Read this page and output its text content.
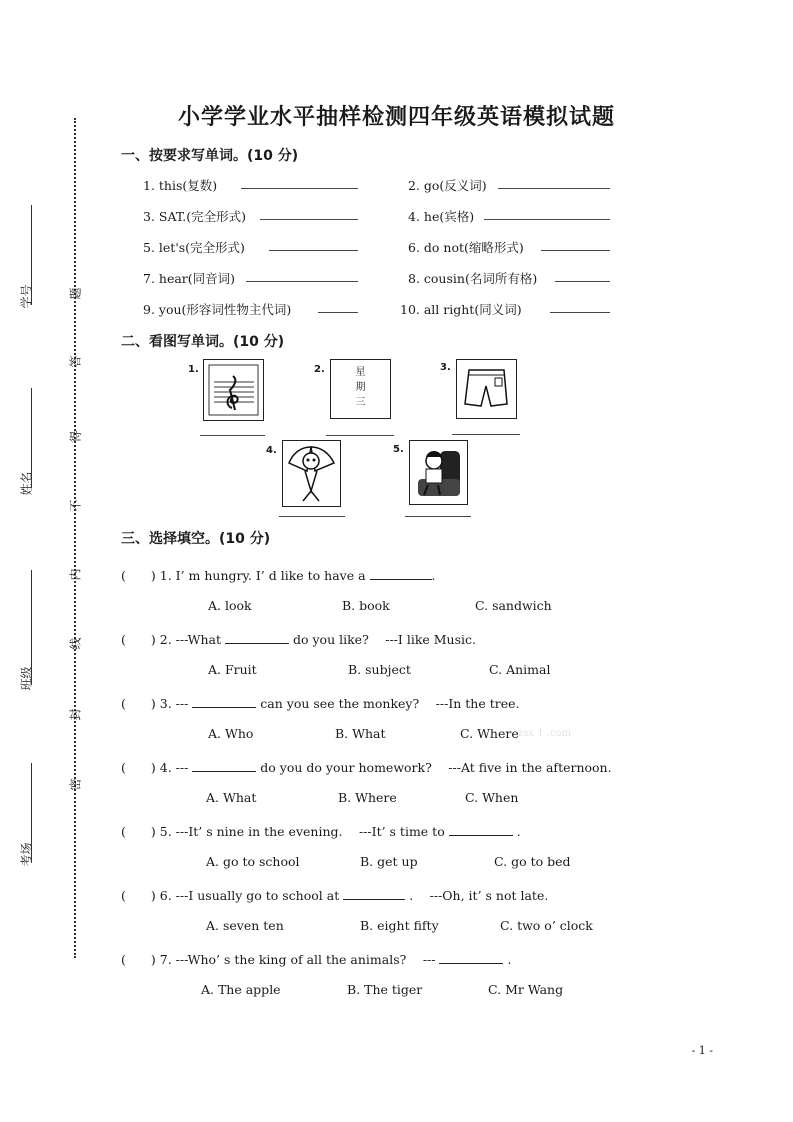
小学学业水平抽样检测四年级英语模拟试题
学号
姓名
班级
考场
题
答
得
不
内
线
封
密
一、按要求写单词。(10 分)
1. this(复数)	2. go(反义词)
3. SAT.(完全形式)	4. he(宾格)
5. let's(完全形式)	6. do not(缩略形式)
7. hear(同音词)	8. cousin(名词所有格)
9. you(形容词性物主代词)	10. all right(同义词)
二、看图写单词。(10 分)
1.	2.	星
期
三
3.
4.	5.
三、选择填空。(10 分)
(　　) 1. I’ m hungry. I’ d like to have a	.
A. look	B. book	C. sandwich
(　　) 2. ---What	do you like?　 ---I like Music.
A. Fruit	B. subject	C. Animal
(　　) 3. ---	can you see the monkey?　 ---In the tree.
A. Who	B. What	C. Where zsx 1 .com
(　　) 4. ---	do you do your homework?　 ---At five in the afternoon.
A. What	B. Where	C. When
(　　) 5. ---It’ s nine in the evening.　 ---It’ s time to	.
A. go to school	B. get up	C. go to bed
(　　) 6. ---I usually go to school at	.　 ---Oh, it’ s not late.
A. seven ten	B. eight fifty	C. two o’ clock
(　　) 7. ---Who’ s the king of all the animals?　 ---	.
A. The apple	B. The tiger	C. Mr Wang
- 1 -
